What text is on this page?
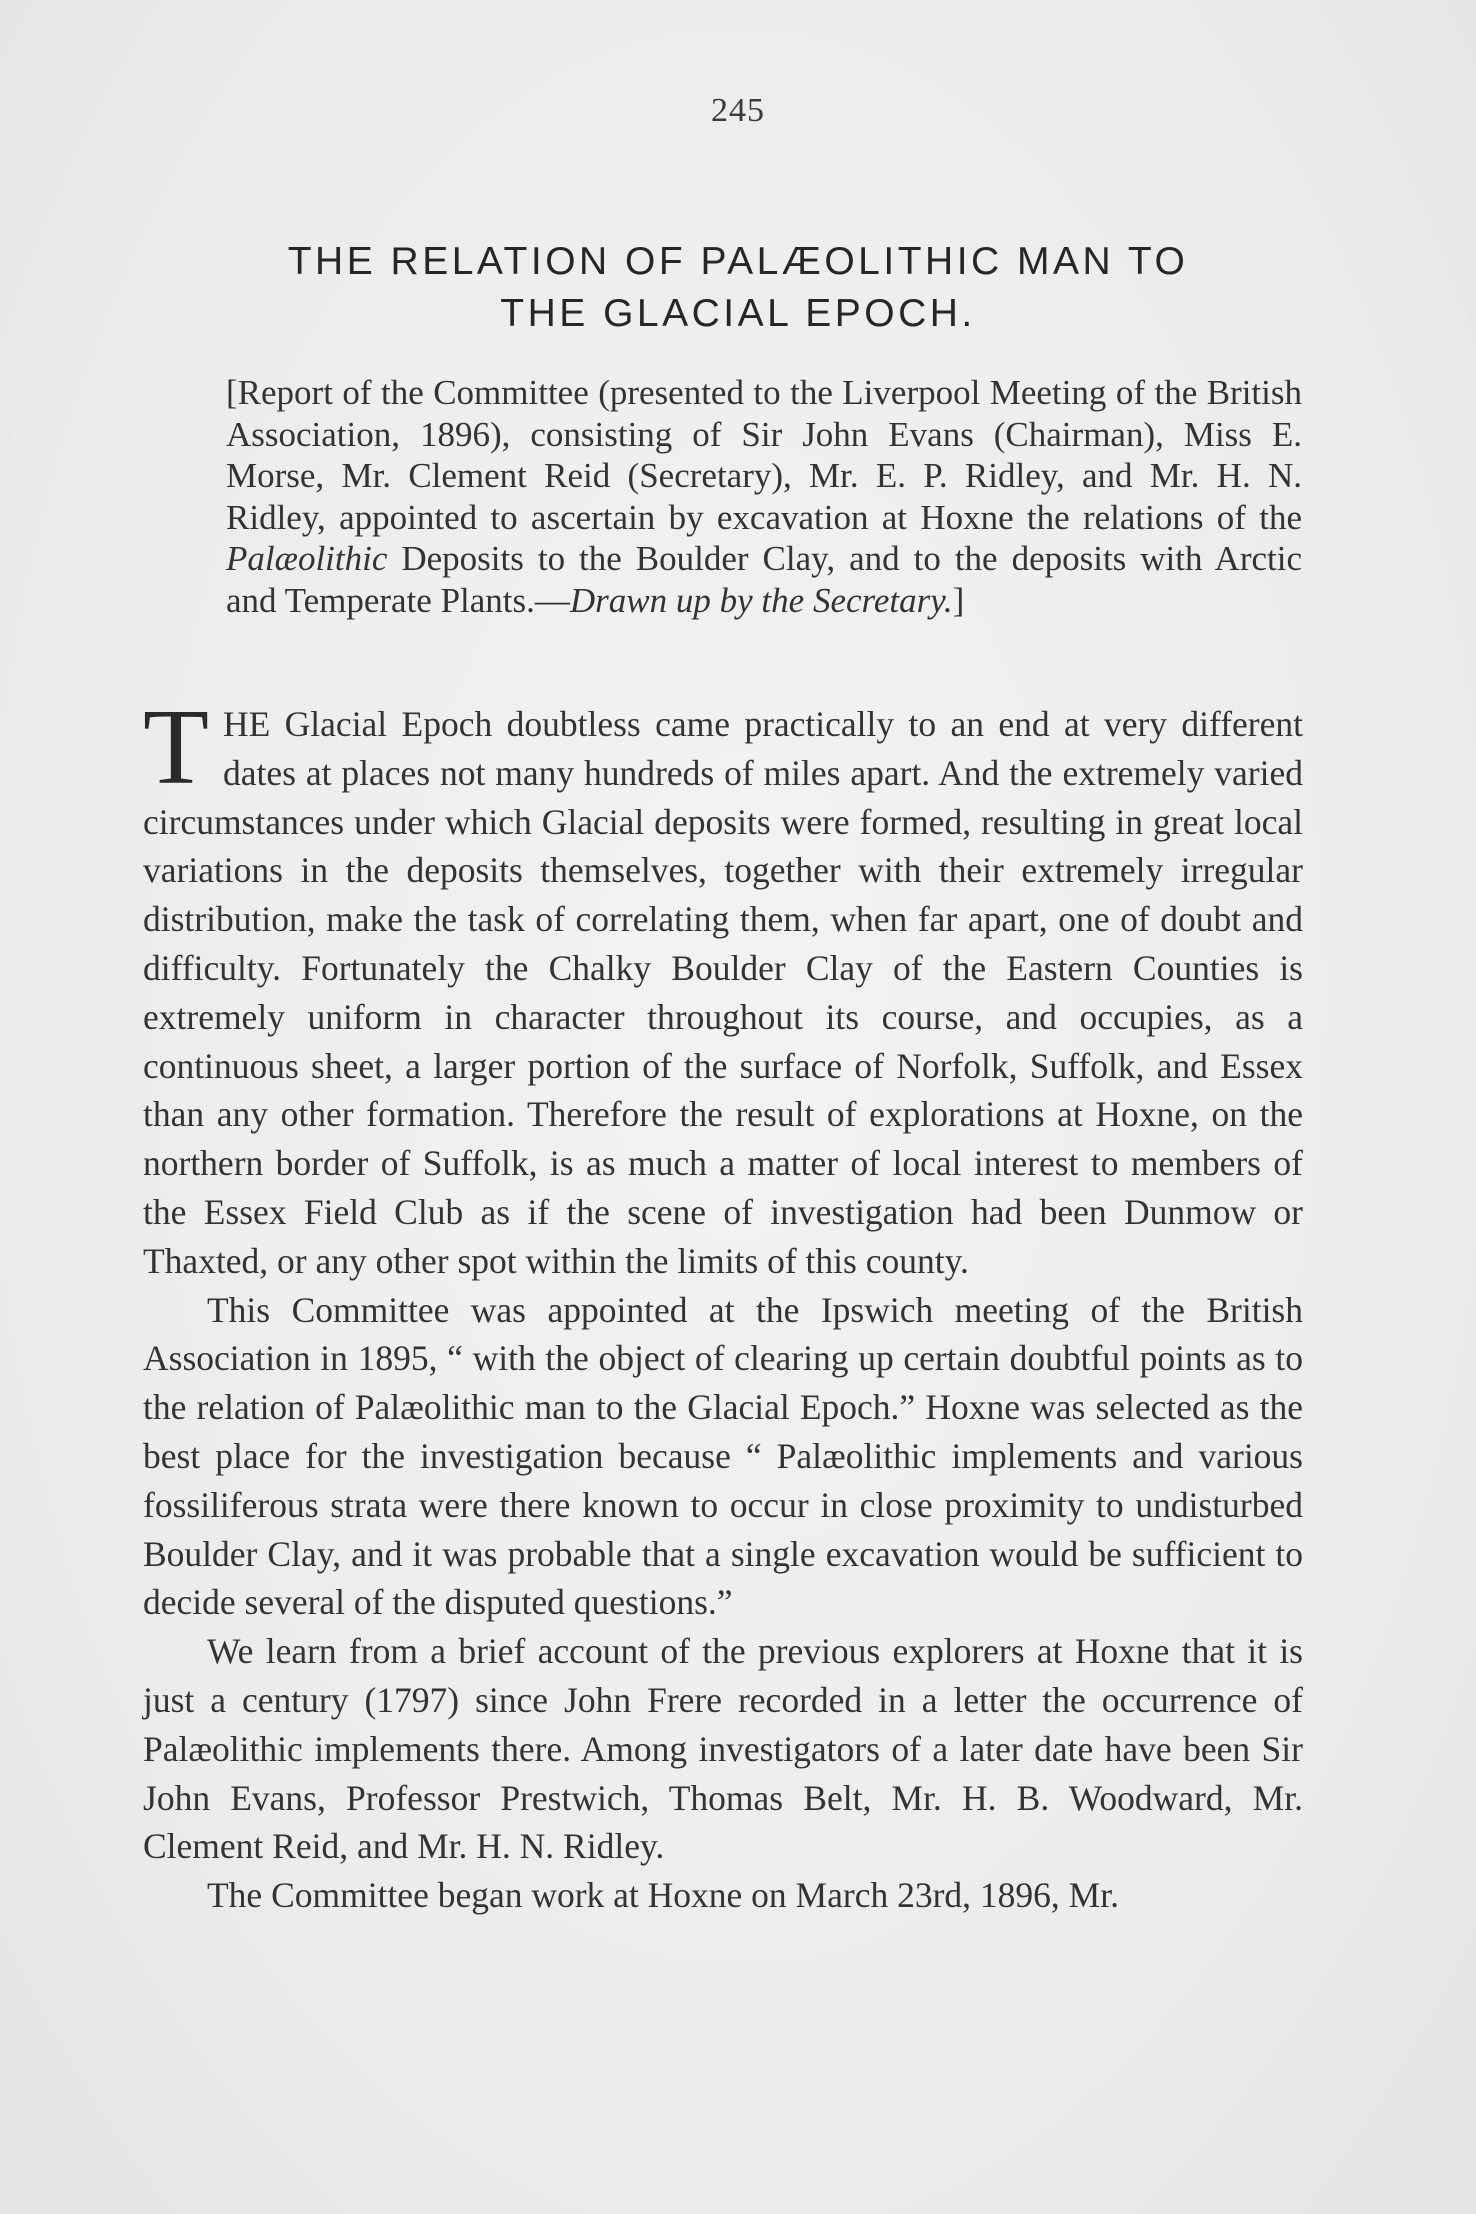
245
THE RELATION OF PALÆOLITHIC MAN TO
THE GLACIAL EPOCH.
[Report of the Committee (presented to the Liverpool Meeting of the British Association, 1896), consisting of Sir John Evans (Chairman), Miss E. Morse, Mr. Clement Reid (Secretary), Mr. E. P. Ridley, and Mr. H. N. Ridley, appointed to ascertain by excavation at Hoxne the relations of the Palæolithic Deposits to the Boulder Clay, and to the deposits with Arctic and Temperate Plants.—Drawn up by the Secretary.]

THE Glacial Epoch doubtless came practically to an end at very different dates at places not many hundreds of miles apart. And the extremely varied circumstances under which Glacial deposits were formed, resulting in great local variations in the deposits themselves, together with their extremely irregular distribution, make the task of correlating them, when far apart, one of doubt and difficulty. Fortunately the Chalky Boulder Clay of the Eastern Counties is extremely uniform in character throughout its course, and occupies, as a continuous sheet, a larger portion of the surface of Norfolk, Suffolk, and Essex than any other formation. Therefore the result of explorations at Hoxne, on the northern border of Suffolk, is as much a matter of local interest to members of the Essex Field Club as if the scene of investigation had been Dunmow or Thaxted, or any other spot within the limits of this county.

This Committee was appointed at the Ipswich meeting of the British Association in 1895, “ with the object of clearing up certain doubtful points as to the relation of Palæolithic man to the Glacial Epoch.” Hoxne was selected as the best place for the investigation because “ Palæolithic implements and various fossiliferous strata were there known to occur in close proximity to undisturbed Boulder Clay, and it was probable that a single excavation would be sufficient to decide several of the disputed questions.”

We learn from a brief account of the previous explorers at Hoxne that it is just a century (1797) since John Frere recorded in a letter the occurrence of Palæolithic implements there. Among investigators of a later date have been Sir John Evans, Professor Prestwich, Thomas Belt, Mr. H. B. Woodward, Mr. Clement Reid, and Mr. H. N. Ridley.

The Committee began work at Hoxne on March 23rd, 1896, Mr.
